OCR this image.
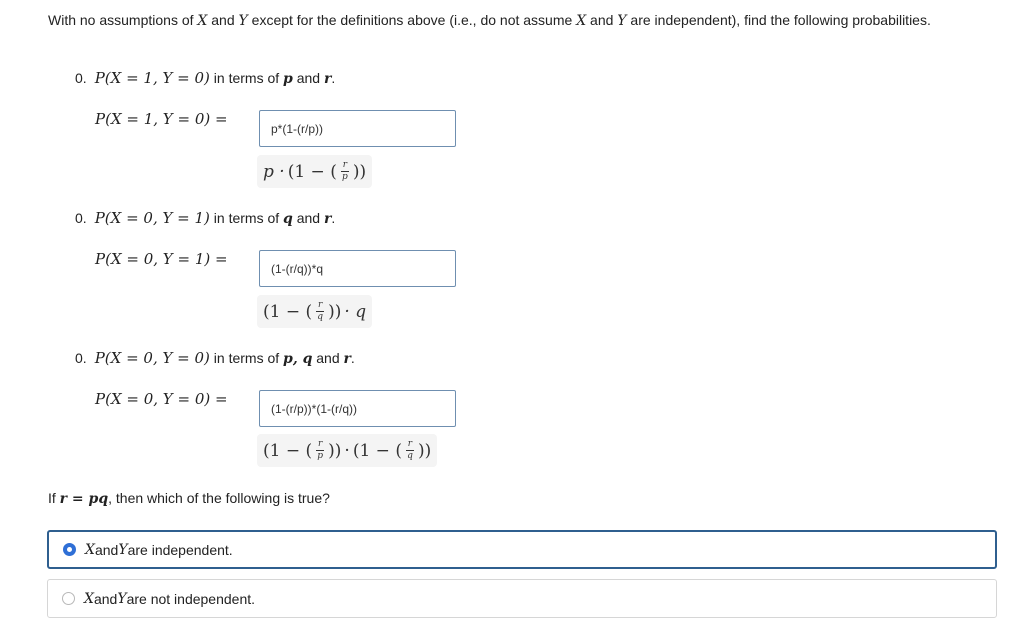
With no assumptions of X and Y except for the definitions above (i.e., do not assume X and Y are independent), find the following probabilities.
0. P(X = 1, Y = 0) in terms of p and r.
P(X = 1, Y = 0) =
p*(1-(r/p))
p · (1 − ( $\frac{r}{p}$ ))
0. P(X = 0, Y = 1) in terms of q and r.
P(X = 0, Y = 1) =
(1-(r/q))*q
(1 − ( $\frac{r}{q}$ )) · q
0. P(X = 0, Y = 0) in terms of p, q and r.
P(X = 0, Y = 0) =
(1-(r/p))*(1-(r/q))
(1 − ( $\frac{r}{p}$ )) · (1 − ( $\frac{r}{q}$ ))
If r = pq, then which of the following is true?
X and Y are independent.
X and Y are not independent.
